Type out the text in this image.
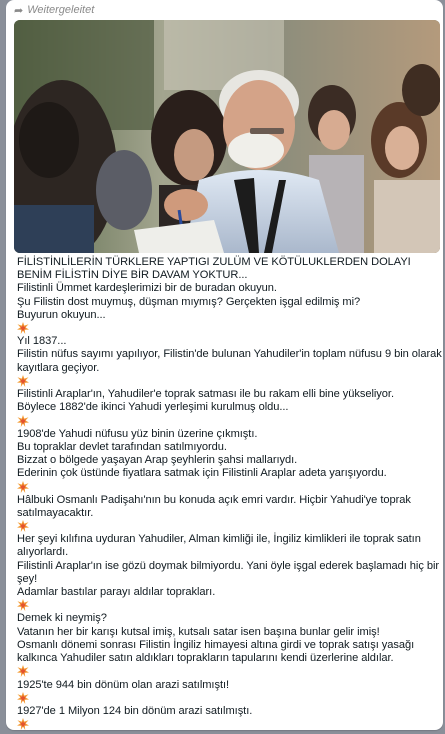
➦ Weitergeleitet
FİLİSTİNLİLERİN TÜRKLERE YAPTIGI ZULÜM VE KÖTÜLUKLERDEN DOLAYI  BENİM FİLİSTİN DİYE BİR DAVAM YOKTUR...
Filistinli Ümmet kardeşlerimizi bir de buradan okuyun.
Şu Filistin dost muymuş, düşman mıymış? Gerçekten işgal edilmiş mi?
Buyurun okuyun...
Yıl 1837...
Filistin nüfus sayımı yapılıyor, Filistin'de bulunan Yahudiler'in toplam nüfusu 9 bin olarak kayıtlara geçiyor.
Filistinli Araplar'ın, Yahudiler'e toprak satması ile bu rakam elli bine yükseliyor.
Böylece 1882'de ikinci Yahudi yerleşimi kurulmuş oldu...
1908'de Yahudi nüfusu yüz binin üzerine çıkmıştı.
Bu topraklar devlet tarafından satılmıyordu.
Bizzat o bölgede yaşayan Arap şeyhlerin şahsi mallarıydı.
Ederinin çok üstünde fiyatlara satmak için Filistinli Araplar adeta yarışıyordu.
Hâlbuki Osmanlı Padişahı'nın bu konuda açık emri vardır. Hiçbir Yahudi'ye toprak satılmayacaktır.
Her şeyi kılıfına uyduran Yahudiler, Alman kimliği ile, İngiliz kimlikleri ile toprak satın alıyorlardı.
Filistinli Araplar'ın ise gözü doymak bilmiyordu. Yani öyle işgal ederek başlamadı hiç bir şey!
Adamlar bastılar parayı aldılar toprakları.
Demek ki neymiş?
Vatanın her bir karışı kutsal imiş, kutsalı satar isen başına bunlar gelir imiş!
Osmanlı dönemi sonrası Filistin İngiliz himayesi altına girdi ve toprak satışı yasağı kalkınca Yahudiler satın aldıkları toprakların tapularını kendi üzerlerine aldılar.
1925'te 944 bin dönüm olan arazi satılmıştı!
1927'de 1 Milyon 124 bin dönüm arazi satılmıştı.
